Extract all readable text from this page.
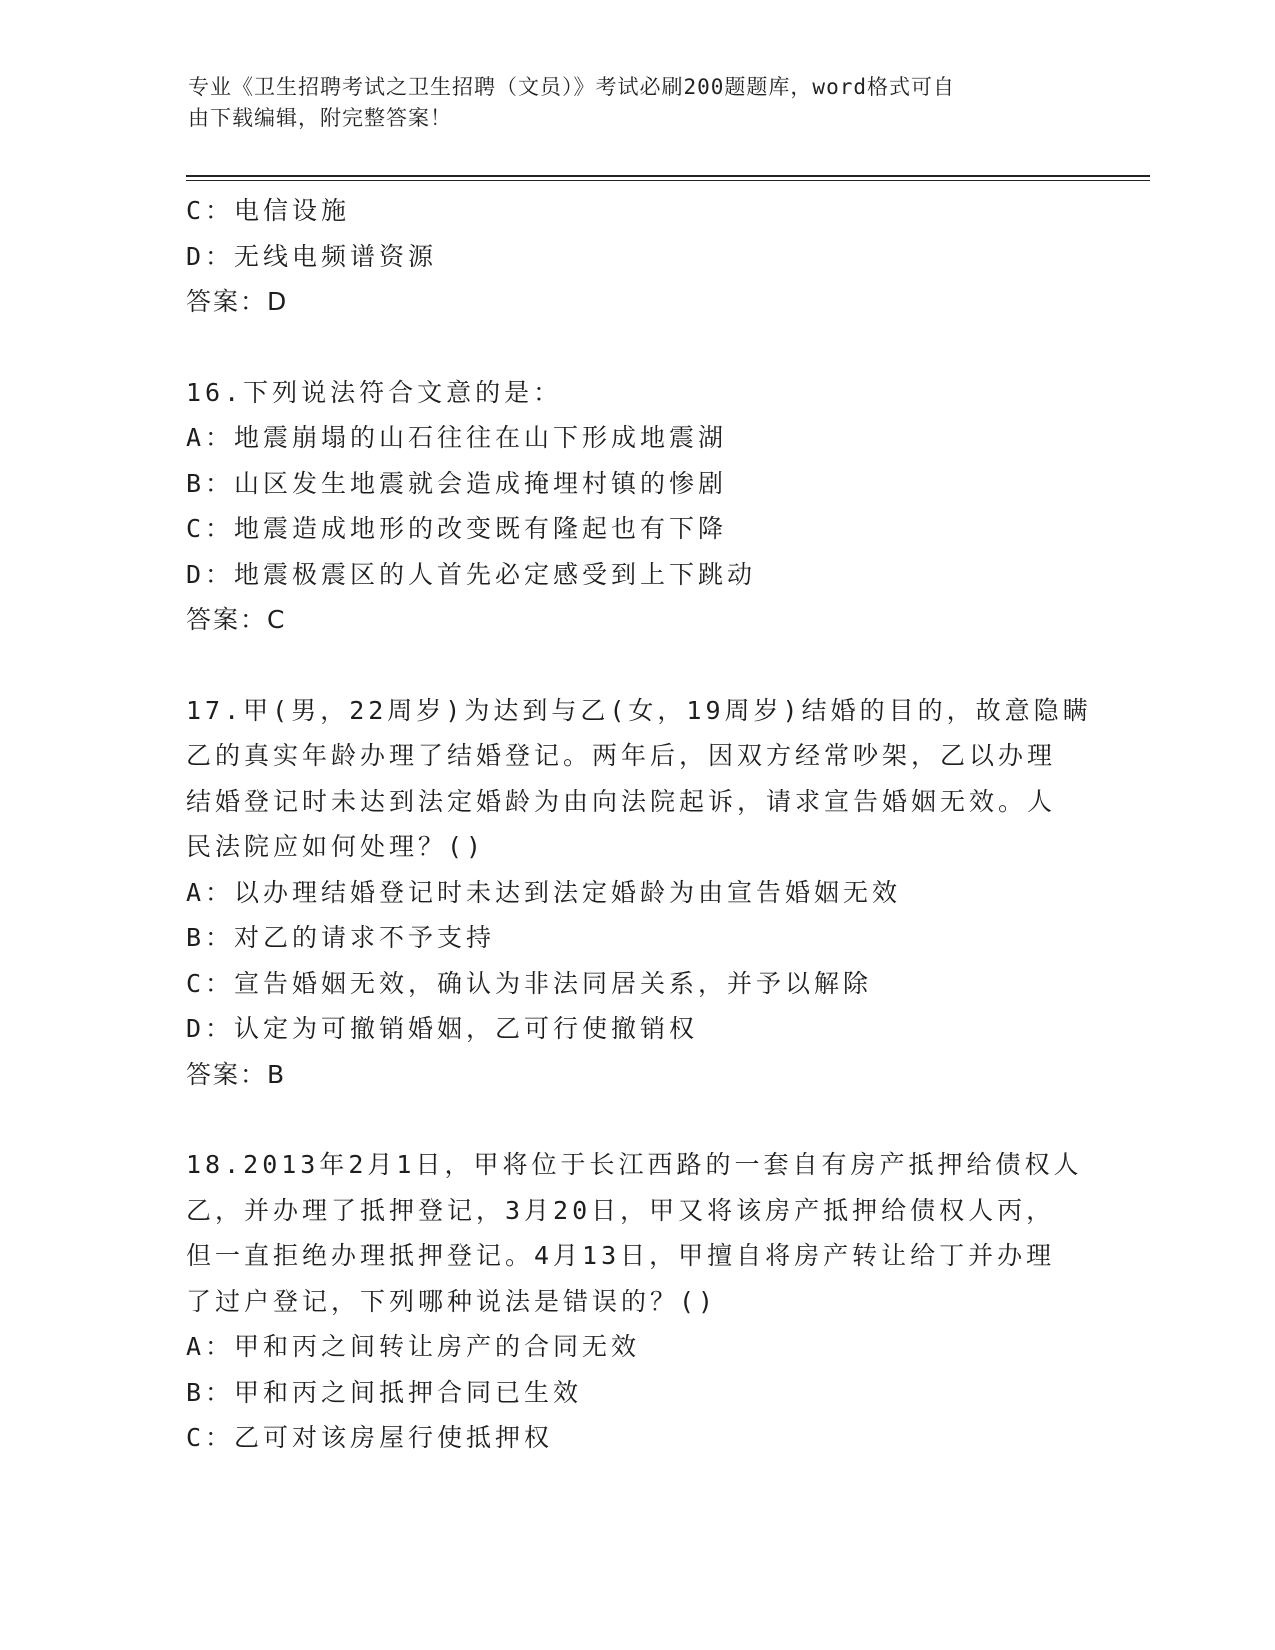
专业《卫生招聘考试之卫生招聘（文员）》考试必刷200题题库，word格式可自
由下载编辑，附完整答案！
C：电信设施
D：无线电频谱资源
答案：D
16.下列说法符合文意的是：
A：地震崩塌的山石往往在山下形成地震湖
B：山区发生地震就会造成掩埋村镇的惨剧
C：地震造成地形的改变既有隆起也有下降
D：地震极震区的人首先必定感受到上下跳动
答案：C
17.甲(男，22周岁)为达到与乙(女，19周岁)结婚的目的，故意隐瞒
乙的真实年龄办理了结婚登记。两年后，因双方经常吵架，乙以办理
结婚登记时未达到法定婚龄为由向法院起诉，请求宣告婚姻无效。人
民法院应如何处理？()
A：以办理结婚登记时未达到法定婚龄为由宣告婚姻无效
B：对乙的请求不予支持
C：宣告婚姻无效，确认为非法同居关系，并予以解除
D：认定为可撤销婚姻，乙可行使撤销权
答案：B
18.2013年2月1日，甲将位于长江西路的一套自有房产抵押给债权人
乙，并办理了抵押登记，3月20日，甲又将该房产抵押给债权人丙，
但一直拒绝办理抵押登记。4月13日，甲擅自将房产转让给丁并办理
了过户登记，下列哪种说法是错误的？()
A：甲和丙之间转让房产的合同无效
B：甲和丙之间抵押合同已生效
C：乙可对该房屋行使抵押权
